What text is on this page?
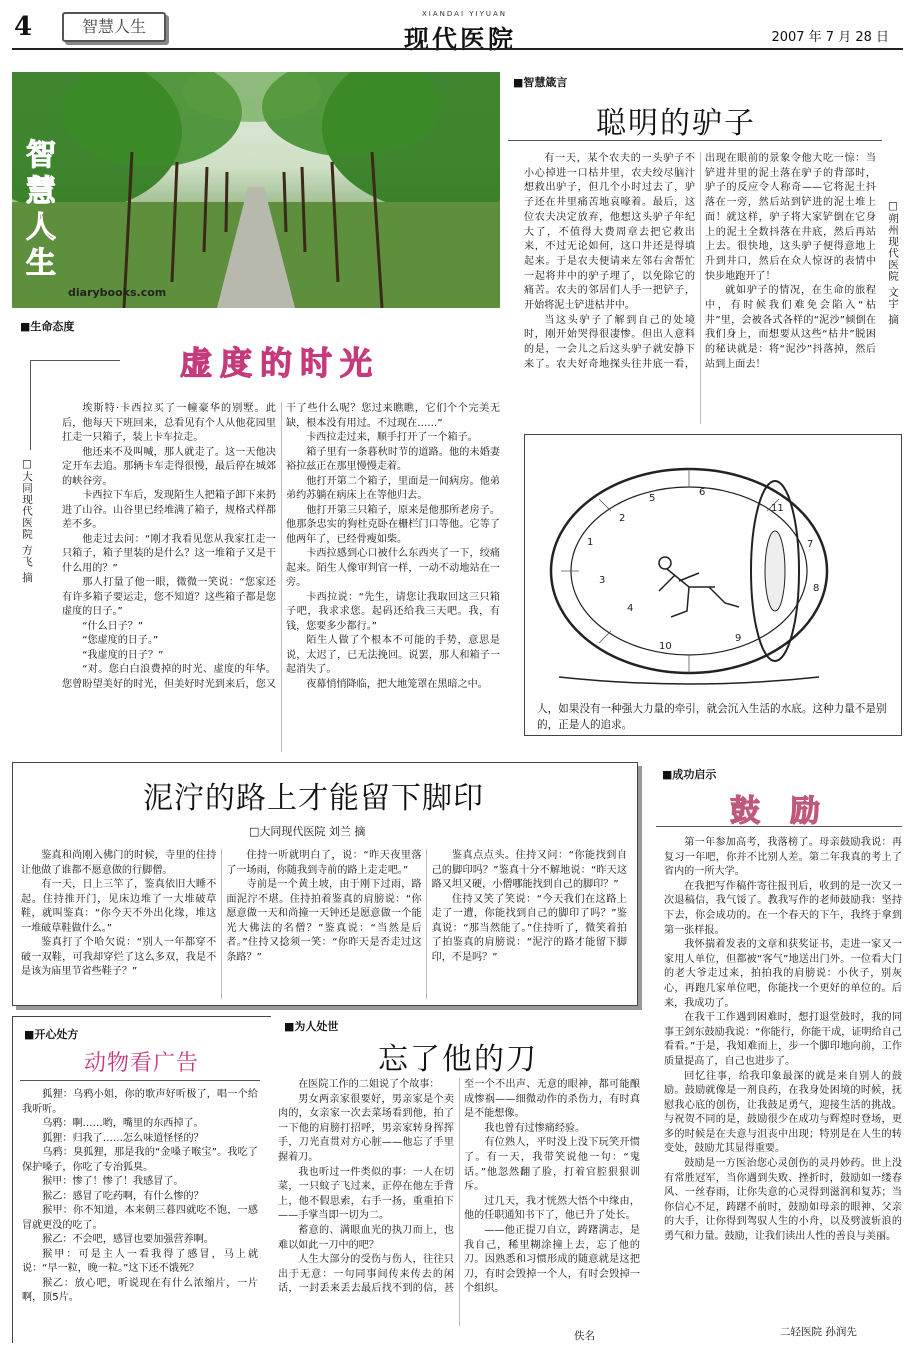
4	智慧人生
XIANDAI YIYUAN
现代医院	2007 年 7 月 28 日
智
慧
人
生
diarybooks.com
■智慧箴言
聪明的驴子
□朔州现代医院 文宇 摘

有一天，某个农夫的一头驴子不小心掉进一口枯井里，农夫绞尽脑汁想救出驴子，但几个小时过去了，驴子还在井里痛苦地哀嚎着。最后，这位农夫决定放弃，他想这头驴子年纪大了，不值得大费周章去把它救出来，不过无论如何，这口井还是得填起来。于是农夫便请来左邻右舍帮忙一起将井中的驴子埋了，以免除它的痛苦。农夫的邻居们人手一把铲子，开始将泥土铲进枯井中。

当这头驴子了解到自己的处境时，刚开始哭得很凄惨。但出人意料的是，一会儿之后这头驴子就安静下来了。农夫好奇地探头往井底一看，出现在眼前的景象令他大吃一惊：当铲进井里的泥土落在驴子的背部时，驴子的反应令人称奇——它将泥土抖落在一旁，然后站到铲进的泥土堆上面！就这样，驴子将大家铲倒在它身上的泥土全数抖落在井底，然后再站上去。很快地，这头驴子便得意地上升到井口，然后在众人惊讶的表情中快步地跑开了！

就如驴子的情况，在生命的旅程中，有时候我们难免会陷入“枯井”里，会被各式各样的“泥沙”倾倒在我们身上，而想要从这些“枯井”脱困的秘诀就是：将“泥沙”抖落掉，然后站到上面去！

1
2
3
4
5
6
7
8
9
10
11
人，如果没有一种强大力量的牵引，就会沉入生活的水底。这种力量不是别的，正是人的追求。
■生命态度
虚度的时光
□大同现代医院 方飞 摘

埃斯特·卡西拉买了一幢豪华的别墅。此后，他每天下班回来，总看见有个人从他花园里扛走一只箱子，装上卡车拉走。

他还来不及叫喊，那人就走了。这一天他决定开车去追。那辆卡车走得很慢，最后停在城郊的峡谷旁。

卡西拉下车后，发现陌生人把箱子卸下来扔进了山谷。山谷里已经堆满了箱子，规格式样都差不多。

他走过去问：“刚才我看见您从我家扛走一只箱子，箱子里装的是什么？这一堆箱子又是干什么用的？”

那人打量了他一眼，微微一笑说：“您家还有许多箱子要运走，您不知道？这些箱子都是您虚度的日子。”

“什么日子？”

“您虚度的日子。”

“我虚度的日子？”

“对。您白白浪费掉的时光、虚度的年华。您曾盼望美好的时光，但美好时光到来后，您又干了些什么呢？您过来瞧瞧，它们个个完美无缺，根本没有用过。不过现在……”

卡西拉走过来，顺手打开了一个箱子。

箱子里有一条暮秋时节的道路。他的未婚妻裕拉兹正在那里慢慢走着。

他打开第二个箱子，里面是一间病房。他弟弟约苏躺在病床上在等他归去。

他打开第三只箱子，原来是他那所老房子。他那条忠实的狗杜克卧在栅栏门口等他。它等了他两年了，已经骨瘦如柴。

卡西拉感到心口被什么东西夹了一下，绞痛起来。陌生人像审判官一样，一动不动地站在一旁。

卡西拉说：“先生，请您让我取回这三只箱子吧，我求求您。起码还给我三天吧。我，有钱，您要多少都行。”

陌生人做了个根本不可能的手势，意思是说，太迟了，已无法挽回。说罢，那人和箱子一起消失了。

夜幕悄悄降临，把大地笼罩在黑暗之中。

泥泞的路上才能留下脚印
□大同现代医院 刘兰 摘

鉴真和尚刚入佛门的时候，寺里的住持让他做了谁都不愿意做的行脚僧。

有一天，日上三竿了，鉴真依旧大睡不起。住持推开门，见床边堆了一大堆破草鞋，就叫鉴真：“你今天不外出化缘，堆这一堆破草鞋做什么。”

鉴真打了个哈欠说：“别人一年都穿不破一双鞋，可我却穿烂了这么多双，我是不是该为庙里节省些鞋子？”

住持一听就明白了，说：“昨天夜里落了一场雨，你随我到寺前的路上走走吧。”

寺前是一个黄土坡，由于刚下过雨，路面泥泞不堪。住持拍着鉴真的肩膀说：“你愿意做一天和尚撞一天钟还是愿意做一个能光大佛法的名僧？”鉴真说：“当然是后者。”住持又捻须一笑：“你昨天是否走过这条路？”

鉴真点点头。住持又问：“你能找到自己的脚印吗？”鉴真十分不解地说：“昨天这路又坦又硬，小僧哪能找到自己的脚印？”

住持又笑了笑说：“今天我们在这路上走了一遭，你能找到自己的脚印了吗？”鉴真说：“那当然能了。”住持听了，微笑着拍了拍鉴真的肩膀说：“泥泞的路才能留下脚印，不是吗？”

■成功启示
鼓　励

第一年参加高考，我落榜了。母亲鼓励我说：再复习一年吧，你并不比别人差。第二年我真的考上了省内的一所大学。

在我把写作稿件寄往报刊后，收到的是一次又一次退稿信，我气馁了。教我写作的老师鼓励我：坚持下去，你会成功的。在一个春天的下午，我终于拿到第一张样报。

我怀揣着发表的文章和获奖证书，走进一家又一家用人单位，但都被“客气”地送出门外。一位看大门的老大爷走过来，拍拍我的肩膀说：小伙子，别灰心，再跑几家单位吧，你能找一个更好的单位的。后来，我成功了。

在我干工作遇到困难时，想打退堂鼓时，我的同事王剑东鼓励我说：“你能行，你能干成，证明给自己看看。”于是，我知难而上，步一个脚印地向前，工作质量提高了，自己也进步了。

回忆往事，给我印象最深的就是来自别人的鼓励。鼓励就像是一剂良药，在我身处困境的时候，抚慰我心底的创伤，让我鼓足勇气，迎接生活的挑战。与祝贺不同的是，鼓励很少在成功与辉煌时登场，更多的时候是在夫意与沮丧中出现；特别是在人生的转变处，鼓励尤其显得重要。

鼓励是一方医治您心灵创伤的灵丹妙药。世上没有常胜冠军，当你遇到失败、挫折时，鼓励如一缕春风、一丝春雨，让你失意的心灵得到滋润和复苏；当你信心不足，踌躇不前时，鼓励如母亲的眼神、父亲的大手，让你得到驾驭人生的小舟，以及劈波斩浪的勇气和力量。鼓励，让我们读出人性的善良与美丽。

二轻医院 孙润先
■开心处方
动物看广告

狐狸：乌鸦小姐，你的歌声好听极了，唱一个给我听听。

乌鸦：啊……哟，嘴里的东西掉了。

狐狸：归我了……怎么味道怪怪的？

乌鸦：臭狐狸，那是我的“金嗓子喉宝”。我吃了保护嗓子，你吃了专治狐臭。

猴甲：惨了！惨了！我感冒了。

猴乙：感冒了吃药啊，有什么惨的？

猴甲：你不知道，本来朝三暮四就吃不饱，一感冒就更没的吃了。

猴乙：不会吧，感冒也要加强营养啊。

猴甲：可是主人一看我得了感冒，马上就说：“早一粒，晚一粒。”这下还不饿死？

猴乙：放心吧，听说现在有什么浓缩片，一片啊，顶5片。

■为人处世
忘了他的刀

在医院工作的二姐说了个故事：

男女两亲家很要好，男亲家是个卖肉的，女亲家一次去菜场看到他，拍了一下他的肩膀打招呼，男亲家转身挥挥手，刀光直贯对方心脏——他忘了手里握着刀。

我也听过一件类似的事：一人在切菜，一只蚊子飞过来，正停在他左手背上，他不假思索，右手一扬，重重拍下——手掌当即一切为二。

蓄意的、满眼血光的执刀而上，也难以如此一刀中的吧？

人生大部分的受伤与伤人，往往只出于无意：一句同事间传来传去的闲话，一封丢来丢去最后找不到的信，甚至一个不出声、无意的眼神，都可能酿成惨祸——细微动作的杀伤力，有时真是不能想像。

我也曾有过惨痛经验。

有位熟人，平时没上没下玩笑开惯了。有一天，我带笑说他一句：“鬼话。”他忽然翻了脸，打着官腔狠狠训斥。

过几天，我才恍然大悟个中缘由，他的任职通知书下了，他已升了处长。

——他正提刀自立，踌躇满志，是我自己，稀里糊涂撞上去，忘了他的刀。因熟悉和习惯形成的随意就是这把刀，有时会毁掉一个人，有时会毁掉一个组织。

佚名
